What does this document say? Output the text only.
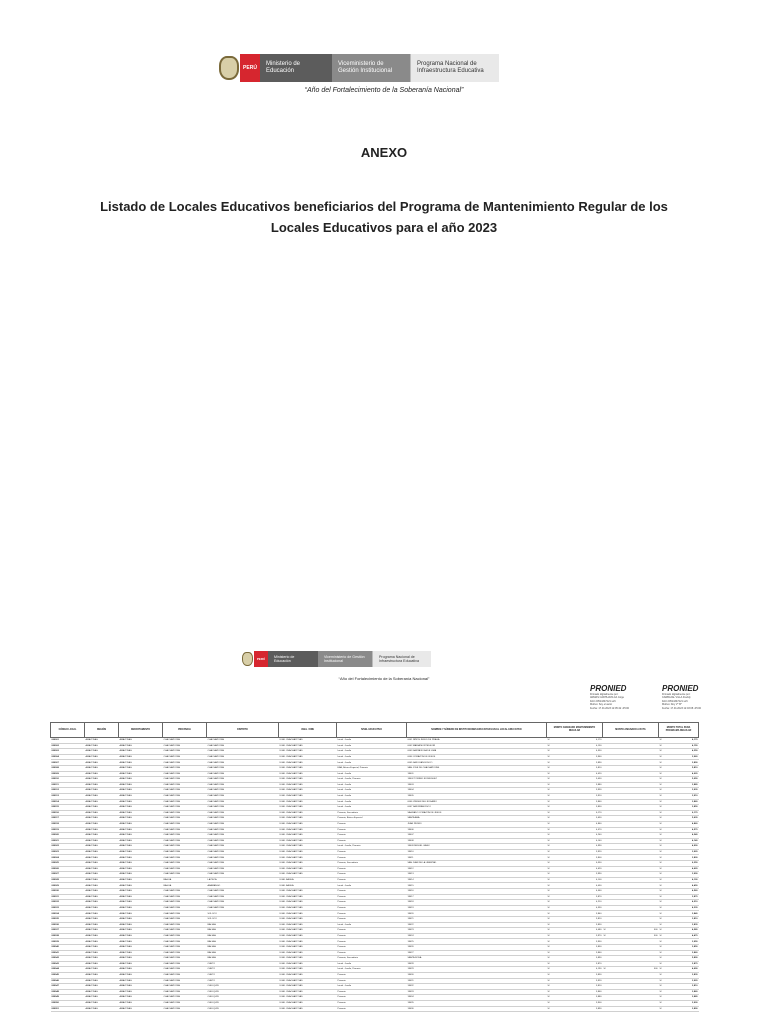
PERÚ
Ministerio de Educación
Viceministerio de Gestión Institucional
Programa Nacional de Infraestructura Educativa
“Año del Fortalecimiento de la Soberanía Nacional”
ANEXO

Listado de Locales Educativos beneficiarios del Programa de Mantenimiento Regular de los Locales Educativos para el año 2023

PERÚ
Ministerio de Educación
Viceministerio de Gestión Institucional
Programa Nacional de Infraestructura Educativa
“Año del Fortalecimiento de la Soberanía Nacional”
PRONIED
Firmado digitalmente por:
ARMAS CARHUAVILCA Jorge
FAU 20514347221 soft
Motivo: Soy el autor
Fecha: 17.01.2023 12:05:42 -05:00
PRONIED
Firmado digitalmente por:
CARBAJAL VILLA Freddy
FAU 20514347221 soft
Motivo: Doy V° B°
Fecha: 17.01.2023 12:03:08 -05:00
CÓDIGO LOCAL	REGIÓN	DEPARTAMENTO	PROVINCIA	DISTRITO	UGEL / DRE	NIVEL EDUCATIVO	NOMBRE Y NÚMERO DE INSTITUCIONES EDUCATIVAS EN EL LOCAL EDUCATIVO	MONTO ASIGNADO MANTENIMIENTO REGULAR		MONTO ASIGNADO A RUTA		MONTO TOTAL PARA PROGRAMA REGULAR	
000001	AMAZONAS	AMAZONAS	CHACHAPOYAS	CHACHAPOYAS	UGEL CHACHAPOYAS	Inicial - Jardín	0001 NIÑOS JESUS DE PRAGA	S/	4,170			S/	4,170
000002	AMAZONAS	AMAZONAS	CHACHAPOYAS	CHACHAPOYAS	UGEL CHACHAPOYAS	Inicial - Jardín	0002 MARIA MONTESSORI	S/	4,150			S/	4,150
000003	AMAZONAS	AMAZONAS	CHACHAPOYAS	CHACHAPOYAS	UGEL CHACHAPOYAS	Inicial - Jardín	0003 SANTA ROSA DE LIMA	S/	4,350			S/	4,350
000004	AMAZONAS	AMAZONAS	CHACHAPOYAS	CHACHAPOYAS	UGEL CHACHAPOYAS	Inicial - Jardín	0004 CORAZON DE JESUS	S/	3,960			S/	3,960
000007	AMAZONAS	AMAZONAS	CHACHAPOYAS	CHACHAPOYAS	UGEL CHACHAPOYAS	Inicial - Jardín	0005 SAN JUAN BOSCO	S/	3,890			S/	3,890
000008	AMAZONAS	AMAZONAS	CHACHAPOYAS	CHACHAPOYAS	UGEL CHACHAPOYAS	EBA, Básica Especial, Primaria	SAN JOSE DE CHACHAPOYAS	S/	5,810			S/	5,810
000009	AMAZONAS	AMAZONAS	CHACHAPOYAS	CHACHAPOYAS	UGEL CHACHAPOYAS	Inicial - Jardín	18001	S/	4,020			S/	4,020
000010	AMAZONAS	AMAZONAS	CHACHAPOYAS	CHACHAPOYAS	UGEL CHACHAPOYAS	Inicial - Jardín, Primaria	18002 TORIBIO RODRIGUEZ	S/	5,050			S/	5,050
000011	AMAZONAS	AMAZONAS	CHACHAPOYAS	CHACHAPOYAS	UGEL CHACHAPOYAS	Inicial - Jardín	18003	S/	3,880			S/	3,880
000012	AMAZONAS	AMAZONAS	CHACHAPOYAS	CHACHAPOYAS	UGEL CHACHAPOYAS	Inicial - Jardín	18004	S/	3,930			S/	3,930
000013	AMAZONAS	AMAZONAS	CHACHAPOYAS	CHACHAPOYAS	UGEL CHACHAPOYAS	Inicial - Jardín	18005	S/	3,910			S/	3,910
000014	AMAZONAS	AMAZONAS	CHACHAPOYAS	CHACHAPOYAS	UGEL CHACHAPOYAS	Inicial - Jardín	0006 VIRGEN DEL ROSARIO	S/	3,860			S/	3,860
000015	AMAZONAS	AMAZONAS	CHACHAPOYAS	CHACHAPOYAS	UGEL CHACHAPOYAS	Inicial - Jardín	0007 SAN FRANCISCO	S/	3,850			S/	3,850
000016	AMAZONAS	AMAZONAS	CHACHAPOYAS	CHACHAPOYAS	UGEL CHACHAPOYAS	Primaria, Secundaria	SAGRADO CORAZON DE JESUS	S/	6,170			S/	6,170
000017	AMAZONAS	AMAZONAS	CHACHAPOYAS	CHACHAPOYAS	UGEL CHACHAPOYAS	Primaria, Básica Especial	SANTA ANA	S/	5,630			S/	5,630
000018	AMAZONAS	AMAZONAS	CHACHAPOYAS	CHACHAPOYAS	UGEL CHACHAPOYAS	Primaria	JUAN PEDRO	S/	4,860			S/	4,860
000019	AMAZONAS	AMAZONAS	CHACHAPOYAS	CHACHAPOYAS	UGEL CHACHAPOYAS	Primaria	18006	S/	4,570			S/	4,570
000020	AMAZONAS	AMAZONAS	CHACHAPOYAS	CHACHAPOYAS	UGEL CHACHAPOYAS	Primaria	18007	S/	4,240			S/	4,240
000021	AMAZONAS	AMAZONAS	CHACHAPOYAS	CHACHAPOYAS	UGEL CHACHAPOYAS	Primaria	18008	S/	4,140			S/	4,140
000022	AMAZONAS	AMAZONAS	CHACHAPOYAS	CHACHAPOYAS	UGEL CHACHAPOYAS	Inicial - Jardín, Primaria	18009 MIGUEL GRAU	S/	4,990			S/	4,990
000023	AMAZONAS	AMAZONAS	CHACHAPOYAS	CHACHAPOYAS	UGEL CHACHAPOYAS	Primaria	18010	S/	3,920			S/	3,920
000024	AMAZONAS	AMAZONAS	CHACHAPOYAS	CHACHAPOYAS	UGEL CHACHAPOYAS	Primaria	18011	S/	3,800			S/	3,800
000025	AMAZONAS	AMAZONAS	CHACHAPOYAS	CHACHAPOYAS	UGEL CHACHAPOYAS	Primaria, Secundaria	SAN JUAN DE LA LIBERTAD	S/	6,350			S/	6,350
000026	AMAZONAS	AMAZONAS	CHACHAPOYAS	CHACHAPOYAS	UGEL CHACHAPOYAS	Primaria	18012	S/	4,620			S/	4,620
000027	AMAZONAS	AMAZONAS	CHACHAPOYAS	CHACHAPOYAS	UGEL CHACHAPOYAS	Primaria	18013	S/	3,990			S/	3,990
000028	AMAZONAS	AMAZONAS	BAGUA	LA PECA	UGEL BAGUA	Primaria	18014	S/	4,100			S/	4,100
000029	AMAZONAS	AMAZONAS	BAGUA	ARAMANGO	UGEL BAGUA	Inicial - Jardín	18015	S/	4,450			S/	4,450
000030	AMAZONAS	AMAZONAS	CHACHAPOYAS	CHACHAPOYAS	UGEL CHACHAPOYAS	Primaria	18016	S/	4,560			S/	4,560
000031	AMAZONAS	AMAZONAS	CHACHAPOYAS	CHACHAPOYAS	UGEL CHACHAPOYAS	Primaria	18017	S/	3,870			S/	3,870
000032	AMAZONAS	AMAZONAS	CHACHAPOYAS	CHACHAPOYAS	UGEL CHACHAPOYAS	Primaria	18018	S/	4,210			S/	4,210
000033	AMAZONAS	AMAZONAS	CHACHAPOYAS	CHACHAPOYAS	UGEL CHACHAPOYAS	Primaria	18019	S/	4,330			S/	4,330
000034	AMAZONAS	AMAZONAS	CHACHAPOYAS	SOLOCO	UGEL CHACHAPOYAS	Primaria	18020	S/	3,840			S/	3,840
000035	AMAZONAS	AMAZONAS	CHACHAPOYAS	SOLOCO	UGEL CHACHAPOYAS	Primaria	18021	S/	3,810			S/	3,810
000036	AMAZONAS	AMAZONAS	CHACHAPOYAS	BALSAS	UGEL CHACHAPOYAS	Inicial - Jardín	18022	S/	3,830			S/	3,830
000037	AMAZONAS	AMAZONAS	CHACHAPOYAS	BALSAS	UGEL CHACHAPOYAS	Primaria	18023	S/	4,080	S/	500	S/	4,580
000038	AMAZONAS	AMAZONAS	CHACHAPOYAS	BALSAS	UGEL CHACHAPOYAS	Primaria	18024	S/	3,970	S/	500	S/	4,470
000039	AMAZONAS	AMAZONAS	CHACHAPOYAS	BALSAS	UGEL CHACHAPOYAS	Primaria	18025	S/	3,950			S/	3,950
000040	AMAZONAS	AMAZONAS	CHACHAPOYAS	BALSAS	UGEL CHACHAPOYAS	Primaria	18026	S/	3,850			S/	3,850
000041	AMAZONAS	AMAZONAS	CHACHAPOYAS	BALSAS	UGEL CHACHAPOYAS	Primaria	18027	S/	3,860			S/	3,860
000042	AMAZONAS	AMAZONAS	CHACHAPOYAS	BALSAS	UGEL CHACHAPOYAS	Primaria, Secundaria	SANTA ROSA	S/	5,890			S/	5,890
000043	AMAZONAS	AMAZONAS	CHACHAPOYAS	CHETO	UGEL CHACHAPOYAS	Inicial - Jardín	18028	S/	3,870			S/	3,870
000044	AMAZONAS	AMAZONAS	CHACHAPOYAS	CHETO	UGEL CHACHAPOYAS	Inicial - Jardín, Primaria	18029	S/	4,190	S/	500	S/	4,690
000045	AMAZONAS	AMAZONAS	CHACHAPOYAS	CHETO	UGEL CHACHAPOYAS	Primaria	18030	S/	3,830			S/	3,830
000046	AMAZONAS	AMAZONAS	CHACHAPOYAS	CHETO	UGEL CHACHAPOYAS	Primaria	18031	S/	3,920			S/	3,920
000047	AMAZONAS	AMAZONAS	CHACHAPOYAS	CHILIQUIN	UGEL CHACHAPOYAS	Inicial - Jardín	18032	S/	3,810			S/	3,810
000048	AMAZONAS	AMAZONAS	CHACHAPOYAS	CHILIQUIN	UGEL CHACHAPOYAS	Primaria	18033	S/	3,860			S/	3,860
000049	AMAZONAS	AMAZONAS	CHACHAPOYAS	CHILIQUIN	UGEL CHACHAPOYAS	Primaria	18034	S/	3,880			S/	3,880
000050	AMAZONAS	AMAZONAS	CHACHAPOYAS	CHILIQUIN	UGEL CHACHAPOYAS	Primaria	18035	S/	3,900			S/	3,900
000051	AMAZONAS	AMAZONAS	CHACHAPOYAS	CHILIQUIN	UGEL CHACHAPOYAS	Primaria	18036	S/	3,890			S/	3,890
